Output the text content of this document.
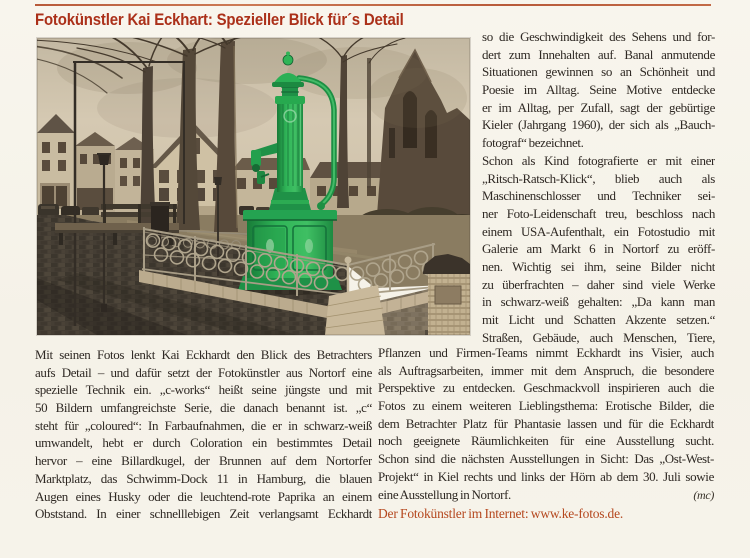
Fotokünstler Kai Eckhart: Spezieller Blick für´s Detail
so die Geschwindigkeit des Sehens und for-
dert zum Innehalten auf. Banal anmutende
Situationen gewinnen so an Schönheit und
Poesie im Alltag. Seine Motive entdecke
er im Alltag, per Zufall, sagt der gebürtige
Kieler (Jahrgang 1960), der sich als „Bauch-
fotograf“ bezeichnet.
Schon als Kind fotografierte er mit einer
„Ritsch-Ratsch-Klick“, blieb auch als
Maschinenschlosser und Techniker sei-
ner Foto-Leidenschaft treu, beschloss nach
einem USA-Aufenthalt, ein Fotostudio mit
Galerie am Markt 6 in Nortorf zu eröff-
nen. Wichtig sei ihm, seine Bilder nicht
zu überfrachten – daher sind viele Werke
in schwarz-weiß gehalten: „Da kann man
mit Licht und Schatten Akzente setzen.“
Straßen, Gebäude, auch Menschen, Tiere,
Mit seinen Fotos lenkt Kai Eckhardt den Blick des Betrachters
aufs Detail – und dafür setzt der Fotokünstler aus Nortorf eine
spezielle Technik ein. „c-works“ heißt seine jüngste und mit
50 Bildern umfangreichste Serie, die danach benannt ist. „c“
steht für „coloured“: In Farbaufnahmen, die er in schwarz-weiß
umwandelt, hebt er durch Coloration ein bestimmtes Detail
hervor – eine Billardkugel, der Brunnen auf dem Nortorfer
Marktplatz, das Schwimm-Dock 11 in Hamburg, die blauen
Augen eines Husky oder die leuchtend-rote Paprika an einem
Obststand. In einer schnelllebigen Zeit verlangsamt Eckhardt
Pflanzen und Firmen-Teams nimmt Eckhardt ins Visier, auch
als Auftragsarbeiten, immer mit dem Anspruch, die besondere
Perspektive zu entdecken. Geschmackvoll inspirieren auch die
Fotos zu einem weiteren Lieblingsthema: Erotische Bilder, die
dem Betrachter Platz für Phantasie lassen und für die Eckhardt
noch geeignete Räumlichkeiten für eine Ausstellung sucht.
Schon sind die nächsten Ausstellungen in Sicht: Das „Ost-West-
Projekt“ in Kiel rechts und links der Hörn ab dem 30. Juli sowie
eine Ausstellung in Nortorf.	(mc)
Der Fotokünstler im Internet: www.ke-fotos.de.
